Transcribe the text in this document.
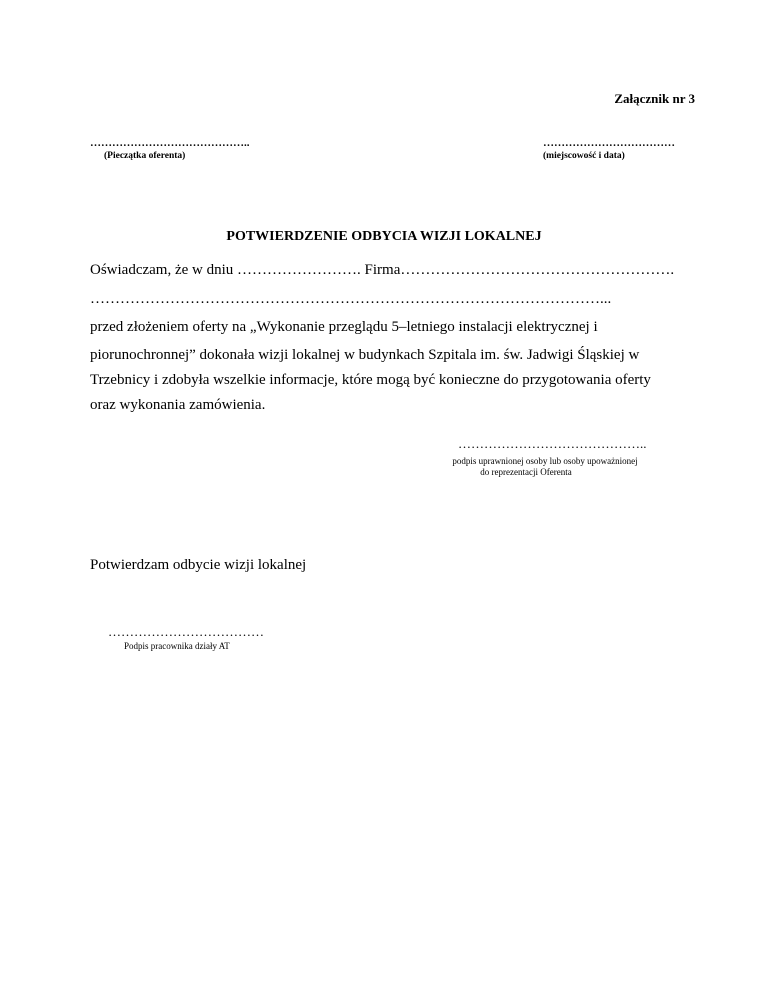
Załącznik nr 3
……………………………………..
(Pieczątka oferenta)
………………………………
(miejscowość i data)
POTWIERDZENIE ODBYCIA WIZJI LOKALNEJ
Oświadczam, że w dniu ……………………. Firma……………………………………………….
…………………………………………………………………………………………...
przed złożeniem oferty na „Wykonanie przeglądu 5–letniego instalacji elektrycznej i
piorunochronnej” dokonała wizji lokalnej w budynkach Szpitala im. św. Jadwigi Śląskiej w
Trzebnicy i zdobyła wszelkie informacje, które mogą być konieczne do przygotowania oferty
oraz wykonania zamówienia.
……………………………………..
podpis uprawnionej osoby lub osoby upoważnionej
do reprezentacji Oferenta
Potwierdzam odbycie wizji lokalnej
………………………………
Podpis pracownika działy AT
